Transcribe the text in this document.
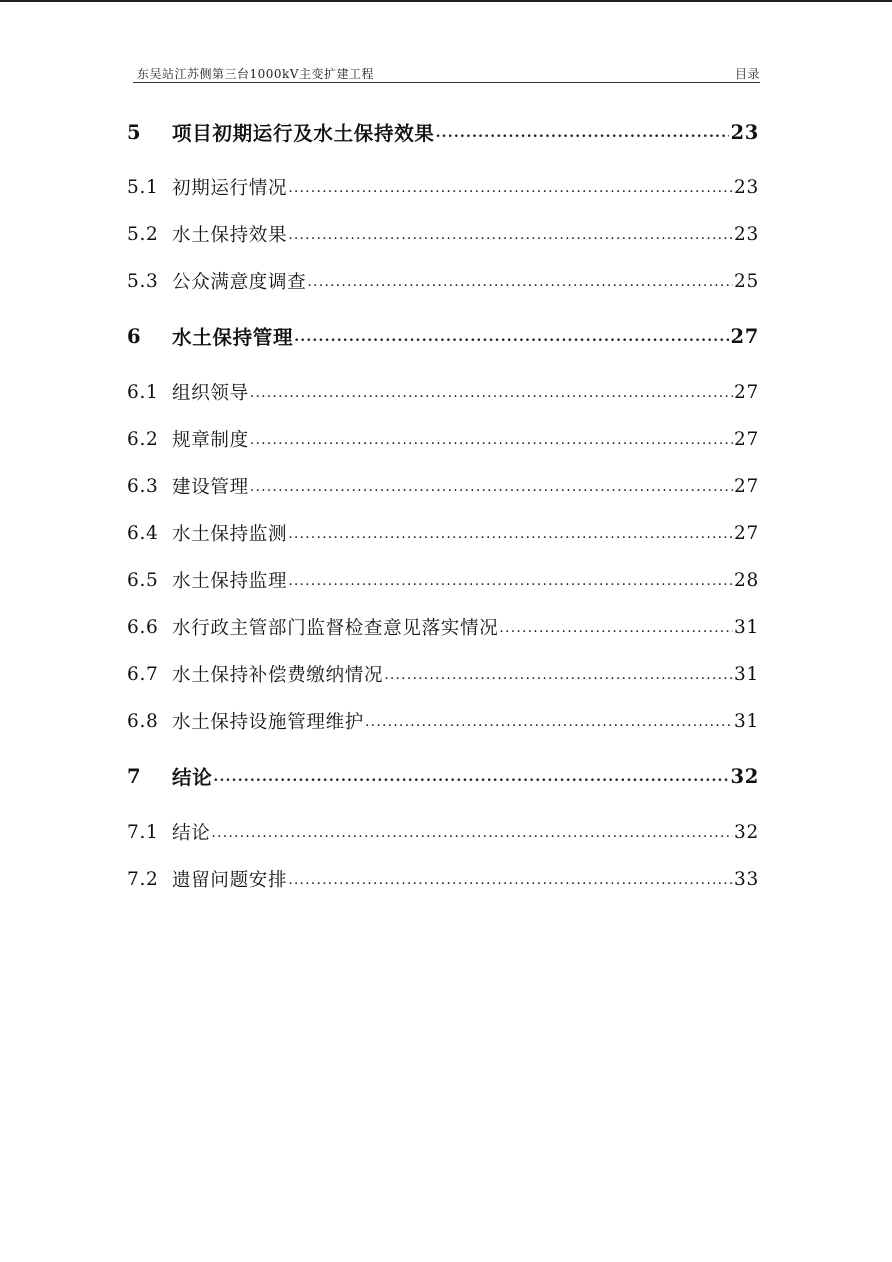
东吴站江苏侧第三台1000kV主变扩建工程	目录
5	项目初期运行及水土保持效果 .....	23
5.1 初期运行情况 .....	23
5.2 水土保持效果 .....	23
5.3 公众满意度调查 .....	25
6	水土保持管理 .....	27
6.1 组织领导 .....	27
6.2 规章制度 .....	27
6.3 建设管理 .....	27
6.4 水土保持监测 .....	27
6.5 水土保持监理 .....	28
6.6 水行政主管部门监督检查意见落实情况 .....	31
6.7 水土保持补偿费缴纳情况 .....	31
6.8 水土保持设施管理维护 .....	31
7	结论 .....	32
7.1 结论 .....	32
7.2 遗留问题安排 .....	33
